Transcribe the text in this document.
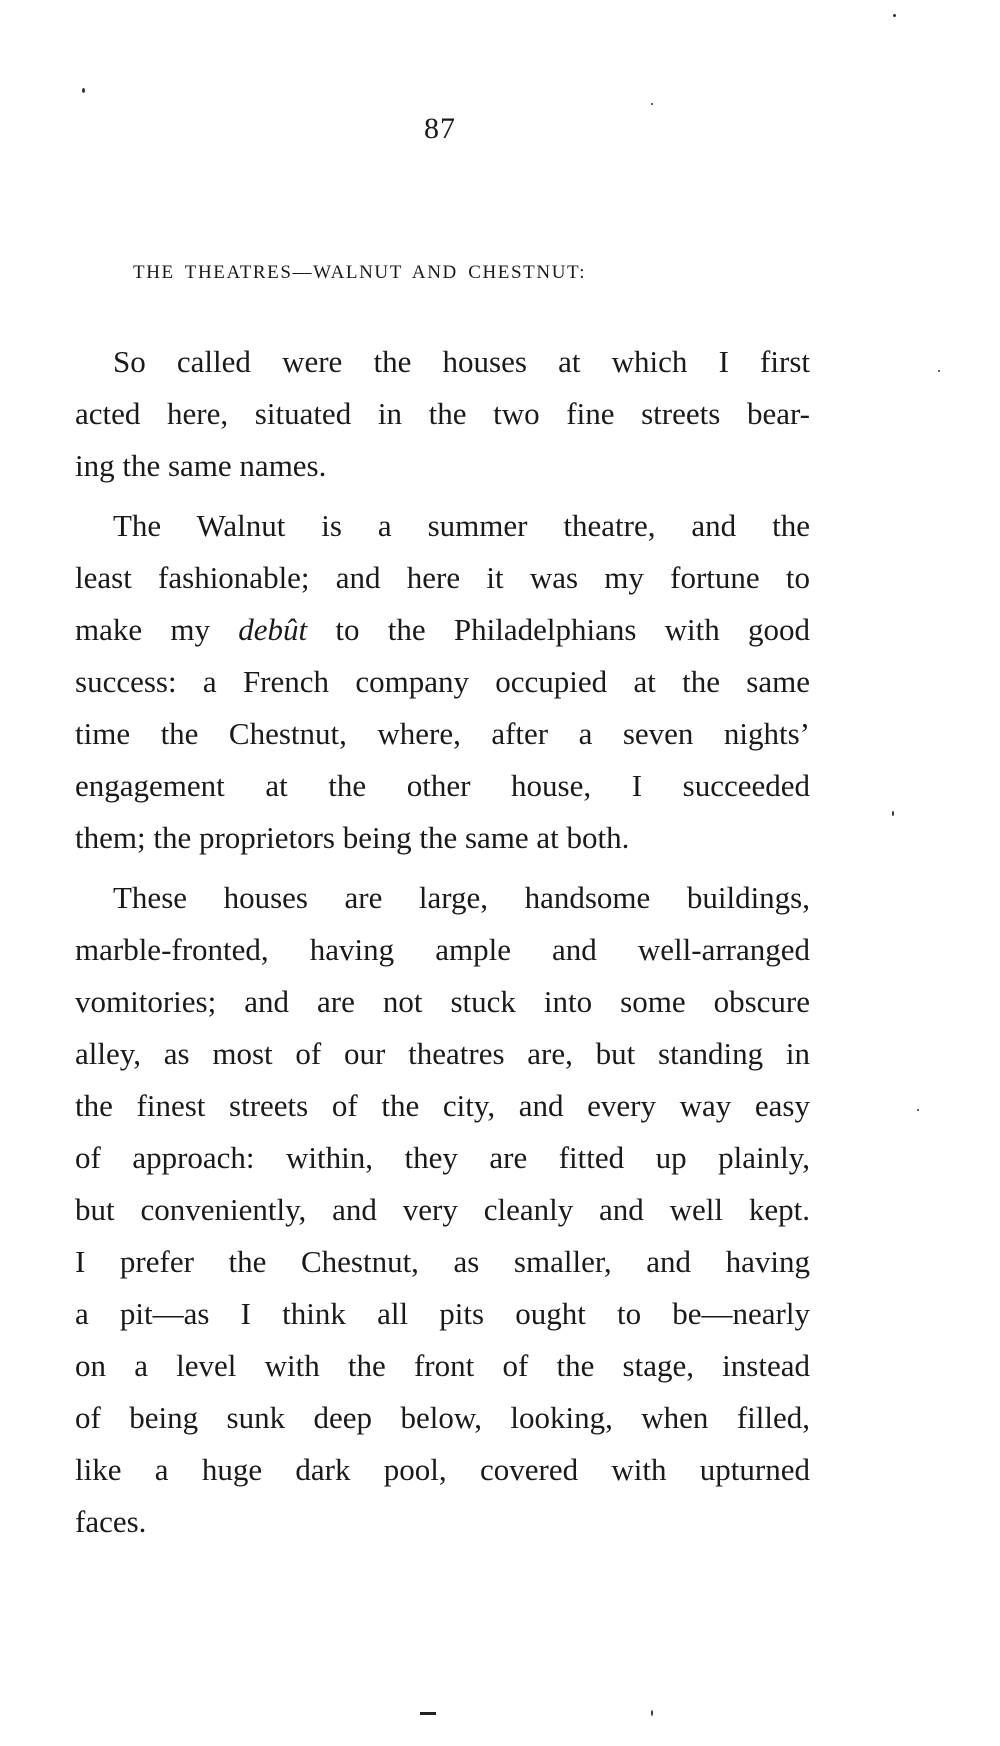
87
THE THEATRES—WALNUT AND CHESTNUT:

So called were the houses at which I first
acted here, situated in the two fine streets bear-
ing the same names.

The Walnut is a summer theatre, and the
least fashionable; and here it was my fortune to
make my debût to the Philadelphians with good
success: a French company occupied at the same
time the Chestnut, where, after a seven nights’
engagement at the other house, I succeeded
them; the proprietors being the same at both.

These houses are large, handsome buildings,
marble-fronted, having ample and well-arranged
vomitories; and are not stuck into some obscure
alley, as most of our theatres are, but standing in
the finest streets of the city, and every way easy
of approach: within, they are fitted up plainly,
but conveniently, and very cleanly and well kept.
I prefer the Chestnut, as smaller, and having
a pit—as I think all pits ought to be—nearly
on a level with the front of the stage, instead
of being sunk deep below, looking, when filled,
like a huge dark pool, covered with upturned
faces.
